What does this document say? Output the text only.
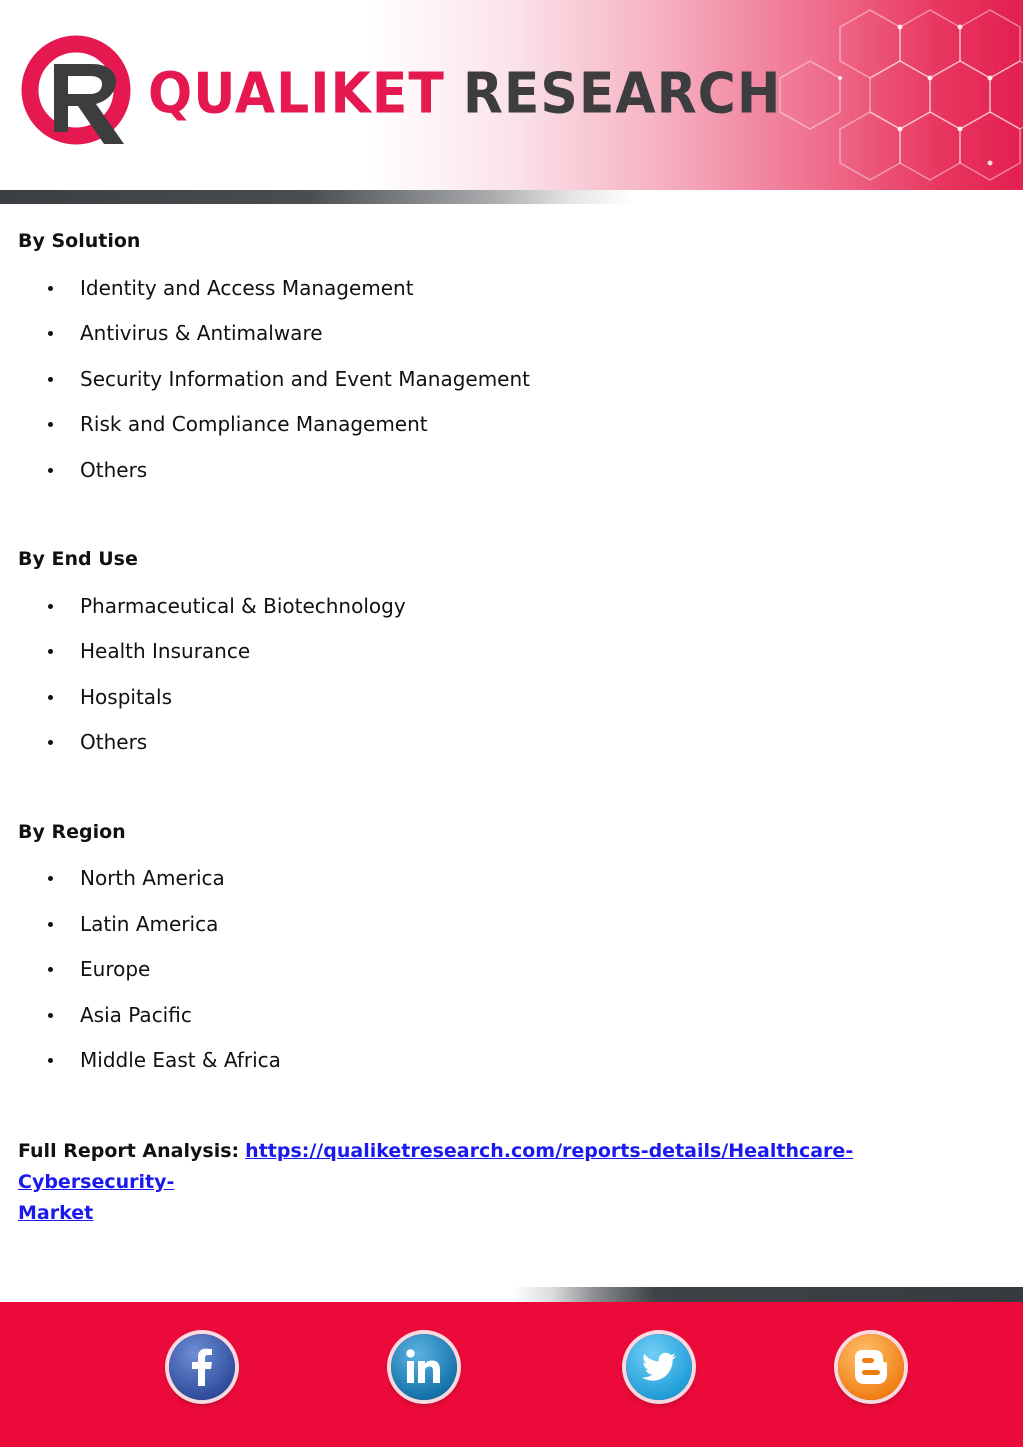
QUALIKET RESEARCH
By Solution
Identity and Access Management
Antivirus & Antimalware
Security Information and Event Management
Risk and Compliance Management
Others
By End Use
Pharmaceutical & Biotechnology
Health Insurance
Hospitals
Others
By Region
North America
Latin America
Europe
Asia Pacific
Middle East & Africa
Full Report Analysis: https://qualiketresearch.com/reports-details/Healthcare-Cybersecurity-
Market
